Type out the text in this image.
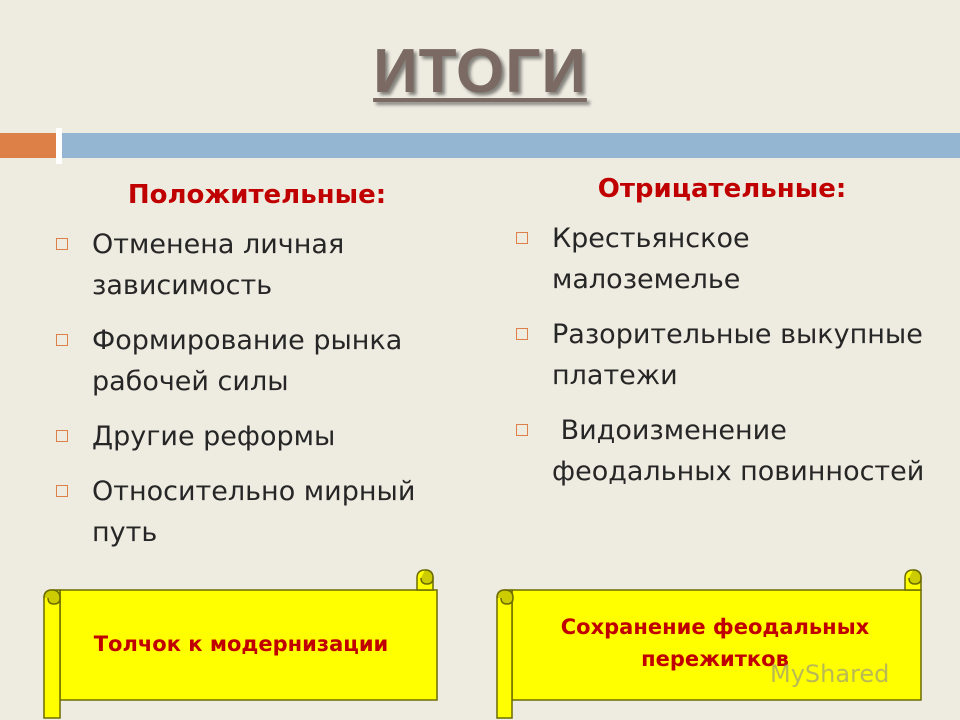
ИТОГИ
Положительные:
Отменена личная зависимость
Формирование рынка рабочей силы
Другие реформы
Относительно мирный путь
Отрицательные:
Крестьянское малоземелье
Разорительные выкупные платежи
Видоизменение феодальных повинностей
Толчок к модернизации
Сохранение феодальных пережитков
MyShared
